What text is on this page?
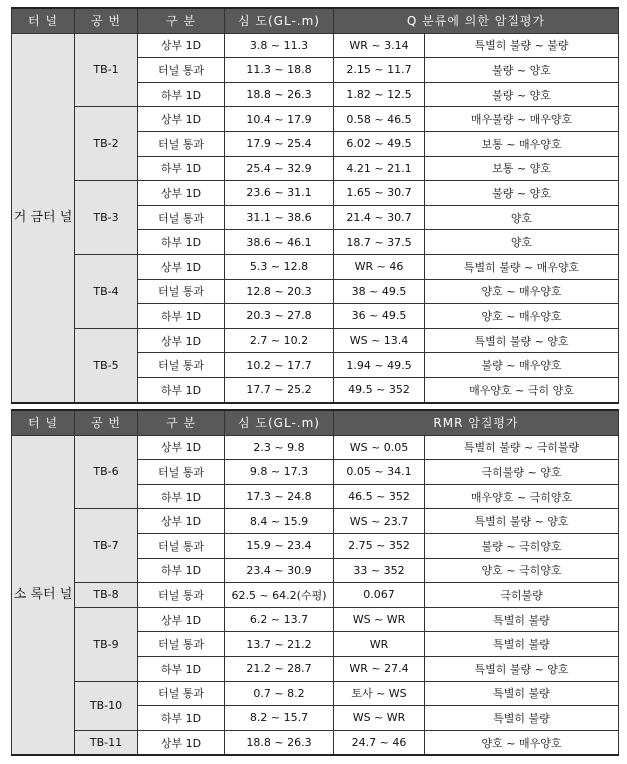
터 널	공 번	구 분	심 도(GL-.m)	Q 분류에 의한 암질평가	
거 금터 널	TB-1	상부 1D	3.8 ~ 11.3	WR ~ 3.14	특별히 불량 ~ 불량
		터널 통과	11.3 ~ 18.8	2.15 ~ 11.7	불량 ~ 양호
		하부 1D	18.8 ~ 26.3	1.82 ~ 12.5	불량 ~ 양호
	TB-2	상부 1D	10.4 ~ 17.9	0.58 ~ 46.5	매우불량 ~ 매우양호
		터널 통과	17.9 ~ 25.4	6.02 ~ 49.5	보통 ~ 매우양호
		하부 1D	25.4 ~ 32.9	4.21 ~ 21.1	보통 ~ 양호
	TB-3	상부 1D	23.6 ~ 31.1	1.65 ~ 30.7	불량 ~ 양호
		터널 통과	31.1 ~ 38.6	21.4 ~ 30.7	양호
		하부 1D	38.6 ~ 46.1	18.7 ~ 37.5	양호
	TB-4	상부 1D	5.3 ~ 12.8	WR ~ 46	특별히 불량 ~ 매우양호
		터널 통과	12.8 ~ 20.3	38 ~ 49.5	양호 ~ 매우양호
		하부 1D	20.3 ~ 27.8	36 ~ 49.5	양호 ~ 매우양호
	TB-5	상부 1D	2.7 ~ 10.2	WS ~ 13.4	특별히 불량 ~ 양호
		터널 통과	10.2 ~ 17.7	1.94 ~ 49.5	불량 ~ 매우양호
		하부 1D	17.7 ~ 25.2	49.5 ~ 352	매우양호 ~ 극히 양호
터 널	공 번	구 분	심 도(GL-.m)	RMR 암질평가	
소 록터 널	TB-6	상부 1D	2.3 ~ 9.8	WS ~ 0.05	특별히 불량 ~ 극히불량
		터널 통과	9.8 ~ 17.3	0.05 ~ 34.1	극히불량 ~ 양호
		하부 1D	17.3 ~ 24.8	46.5 ~ 352	매우양호 ~ 극히양호
	TB-7	상부 1D	8.4 ~ 15.9	WS ~ 23.7	특별히 불량 ~ 양호
		터널 통과	15.9 ~ 23.4	2.75 ~ 352	불량 ~ 극히양호
		하부 1D	23.4 ~ 30.9	33 ~ 352	양호 ~ 극히양호
	TB-8	터널 통과	62.5 ~ 64.2(수평)	0.067	극히불량
	TB-9	상부 1D	6.2 ~ 13.7	WS ~ WR	특별히 불량
		터널 통과	13.7 ~ 21.2	WR	특별히 불량
		하부 1D	21.2 ~ 28.7	WR ~ 27.4	특별히 불량 ~ 양호
	TB-10	터널 통과	0.7 ~ 8.2	토사 ~ WS	특별히 불량
		하부 1D	8.2 ~ 15.7	WS ~ WR	특별히 불량
	TB-11	상부 1D	18.8 ~ 26.3	24.7 ~ 46	양호 ~ 매우양호
